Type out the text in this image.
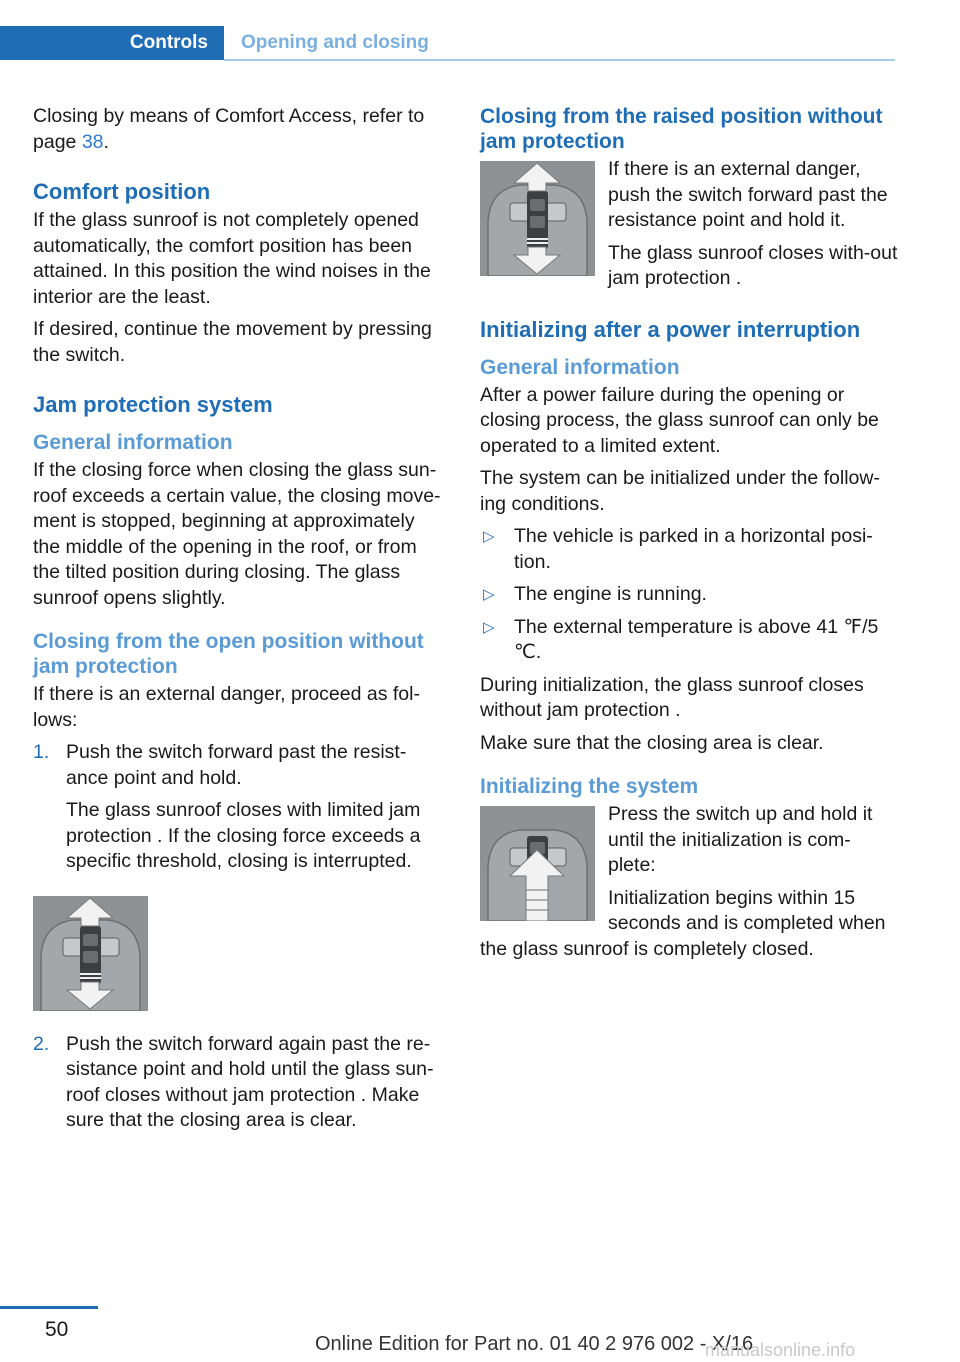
Controls	Opening and closing

Closing by means of Comfort Access, refer to page 38.

Comfort position

If the glass sunroof is not completely opened automatically, the comfort position has been attained. In this position the wind noises in the interior are the least.

If desired, continue the movement by pressing the switch.

Jam protection system
General information

If the closing force when closing the glass sun‐roof exceeds a certain value, the closing move‐ment is stopped, beginning at approximately the middle of the opening in the roof, or from the tilted position during closing. The glass sunroof opens slightly.

Closing from the open position without jam protection

If there is an external danger, proceed as fol‐lows:

1. Push the switch forward past the resist‐ance point and hold.

The glass sunroof closes with limited jam protection . If the closing force exceeds a specific threshold, closing is interrupted.

2. Push the switch forward again past the re‐sistance point and hold until the glass sun‐roof closes without jam protection . Make sure that the closing area is clear.

Closing from the raised position without jam protection

If there is an external danger, push the switch forward past the resistance point and hold it.

The glass sunroof closes with‐out jam protection .

Initializing after a power interruption
General information

After a power failure during the opening or closing process, the glass sunroof can only be operated to a limited extent.

The system can be initialized under the follow‐ing conditions.

▷ The vehicle is parked in a horizontal posi‐tion.

▷ The engine is running.

▷ The external temperature is above 41 ℉/5 ℃.

During initialization, the glass sunroof closes without jam protection .

Make sure that the closing area is clear.

Initializing the system

Press the switch up and hold it until the initialization is com‐plete:

Initialization begins within 15 seconds and is completed when the glass sunroof is completely closed.

50
Online Edition for Part no. 01 40 2 976 002 - X/16
manualsonline.info
